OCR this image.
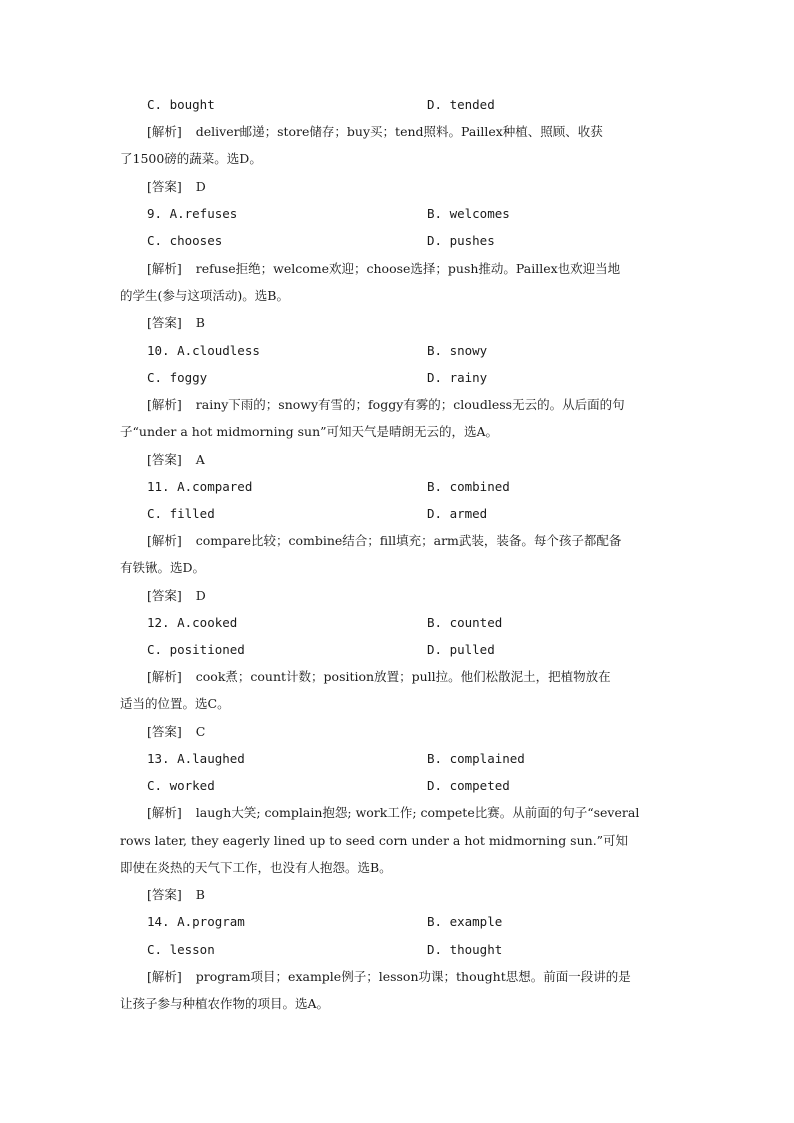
C. bought	D. tended
[解析] deliver邮递；store储存；buy买；tend照料。Paillex种植、照顾、收获
了1500磅的蔬菜。选D。
[答案] D
9. A.refuses	B. welcomes
C. chooses	D. pushes
[解析] refuse拒绝；welcome欢迎；choose选择；push推动。Paillex也欢迎当地
的学生(参与这项活动)。选B。
[答案] B
10. A.cloudless	B. snowy
C. foggy	D. rainy
[解析] rainy下雨的；snowy有雪的；foggy有雾的；cloudless无云的。从后面的句
子“under a hot midmorning sun”可知天气是晴朗无云的，选A。
[答案] A
11. A.compared	B. combined
C. filled	D. armed
[解析] compare比较；combine结合；fill填充；arm武装，装备。每个孩子都配备
有铁锹。选D。
[答案] D
12. A.cooked	B. counted
C. positioned	D. pulled
[解析] cook煮；count计数；position放置；pull拉。他们松散泥土，把植物放在
适当的位置。选C。
[答案] C
13. A.laughed	B. complained
C. worked	D. competed
[解析] laugh大笑; complain抱怨; work工作; compete比赛。从前面的句子“several
rows later, they eagerly lined up to seed corn under a hot midmorning sun.”可知
即使在炎热的天气下工作，也没有人抱怨。选B。
[答案] B
14. A.program	B. example
C. lesson	D. thought
[解析] program项目；example例子；lesson功课；thought思想。前面一段讲的是
让孩子参与种植农作物的项目。选A。
